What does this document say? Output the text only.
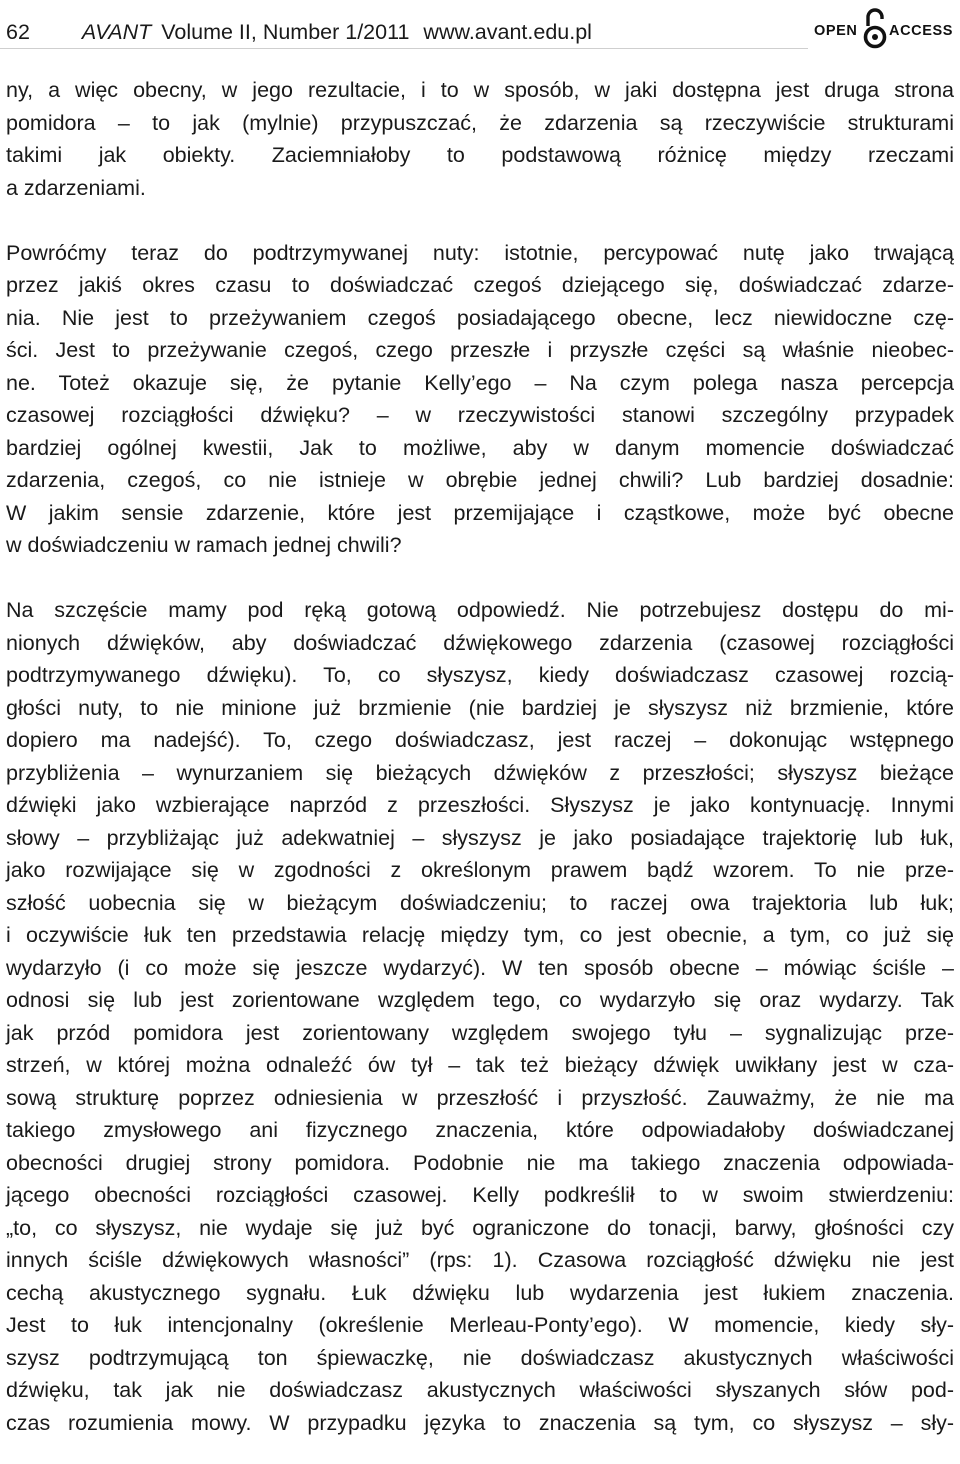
62 AVANT Volume II, Number 1/2011 www.avant.edu.pl	OPEN ACCESS
ny, a więc obecny, w jego rezultacie, i to w sposób, w jaki dostępna jest druga strona
pomidora – to jak (mylnie) przypuszczać, że zdarzenia są rzeczywiście strukturami
takimi jak obiekty. Zaciemniałoby to podstawową różnicę między rzeczami
a zdarzeniami.
Powróćmy teraz do podtrzymywanej nuty: istotnie, percypować nutę jako trwającą
przez jakiś okres czasu to doświadczać czegoś dziejącego się, doświadczać zdarze-
nia. Nie jest to przeżywaniem czegoś posiadającego obecne, lecz niewidoczne czę-
ści. Jest to przeżywanie czegoś, czego przeszłe i przyszłe części są właśnie nieobec-
ne. Toteż okazuje się, że pytanie Kelly’ego – Na czym polega nasza percepcja
czasowej rozciągłości dźwięku? – w rzeczywistości stanowi szczególny przypadek
bardziej ogólnej kwestii, Jak to możliwe, aby w danym momencie doświadczać
zdarzenia, czegoś, co nie istnieje w obrębie jednej chwili? Lub bardziej dosadnie:
W jakim sensie zdarzenie, które jest przemijające i cząstkowe, może być obecne
w doświadczeniu w ramach jednej chwili?
Na szczęście mamy pod ręką gotową odpowiedź. Nie potrzebujesz dostępu do mi-
nionych dźwięków, aby doświadczać dźwiękowego zdarzenia (czasowej rozciągłości
podtrzymywanego dźwięku). To, co słyszysz, kiedy doświadczasz czasowej rozcią-
głości nuty, to nie minione już brzmienie (nie bardziej je słyszysz niż brzmienie, które
dopiero ma nadejść). To, czego doświadczasz, jest raczej – dokonując wstępnego
przybliżenia – wynurzaniem się bieżących dźwięków z przeszłości; słyszysz bieżące
dźwięki jako wzbierające naprzód z przeszłości. Słyszysz je jako kontynuację. Innymi
słowy – przybliżając już adekwatniej – słyszysz je jako posiadające trajektorię lub łuk,
jako rozwijające się w zgodności z określonym prawem bądź wzorem. To nie prze-
szłość uobecnia się w bieżącym doświadczeniu; to raczej owa trajektoria lub łuk;
i oczywiście łuk ten przedstawia relację między tym, co jest obecnie, a tym, co już się
wydarzyło (i co może się jeszcze wydarzyć). W ten sposób obecne – mówiąc ściśle –
odnosi się lub jest zorientowane względem tego, co wydarzyło się oraz wydarzy. Tak
jak przód pomidora jest zorientowany względem swojego tyłu – sygnalizując prze-
strzeń, w której można odnaleźć ów tył – tak też bieżący dźwięk uwikłany jest w cza-
sową strukturę poprzez odniesienia w przeszłość i przyszłość. Zauważmy, że nie ma
takiego zmysłowego ani fizycznego znaczenia, które odpowiadałoby doświadczanej
obecności drugiej strony pomidora. Podobnie nie ma takiego znaczenia odpowiada-
jącego obecności rozciągłości czasowej. Kelly podkreślił to w swoim stwierdzeniu:
„to, co słyszysz, nie wydaje się już być ograniczone do tonacji, barwy, głośności czy
innych ściśle dźwiękowych własności” (rps: 1). Czasowa rozciągłość dźwięku nie jest
cechą akustycznego sygnału. Łuk dźwięku lub wydarzenia jest łukiem znaczenia.
Jest to łuk intencjonalny (określenie Merleau-Ponty’ego). W momencie, kiedy sły-
szysz podtrzymującą ton śpiewaczkę, nie doświadczasz akustycznych właściwości
dźwięku, tak jak nie doświadczasz akustycznych właściwości słyszanych słów pod-
czas rozumienia mowy. W przypadku języka to znaczenia są tym, co słyszysz – sły-
